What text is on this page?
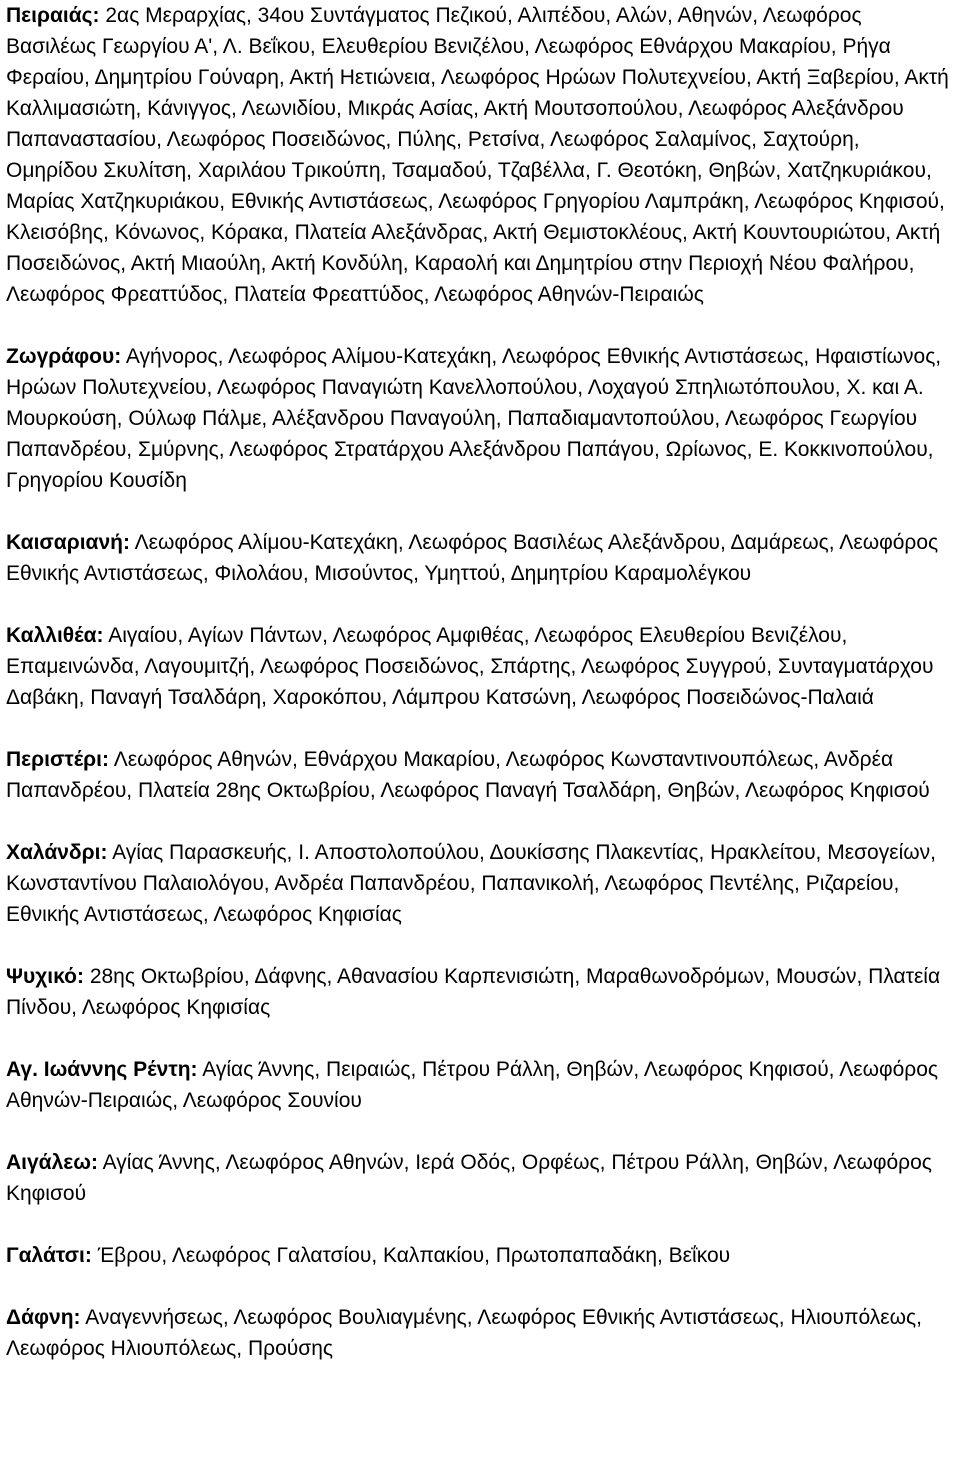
Πειραιάς: 2ας Μεραρχίας, 34ου Συντάγματος Πεζικού, Αλιπέδου, Αλών, Αθηνών, Λεωφόρος Βασιλέως Γεωργίου Α', Λ. Βεΐκου, Ελευθερίου Βενιζέλου, Λεωφόρος Εθνάρχου Μακαρίου, Ρήγα Φεραίου, Δημητρίου Γούναρη, Ακτή Ηετιώνεια, Λεωφόρος Ηρώων Πολυτεχνείου, Ακτή Ξαβερίου, Ακτή Καλλιμασιώτη, Κάνιγγος, Λεωνιδίου, Μικράς Ασίας, Ακτή Μουτσοπούλου, Λεωφόρος Αλεξάνδρου Παπαναστασίου, Λεωφόρος Ποσειδώνος, Πύλης, Ρετσίνα, Λεωφόρος Σαλαμίνος, Σαχτούρη, Ομηρίδου Σκυλίτση, Χαριλάου Τρικούπη, Τσαμαδού, Τζαβέλλα, Γ. Θεοτόκη, Θηβών, Χατζηκυριάκου, Μαρίας Χατζηκυριάκου, Εθνικής Αντιστάσεως, Λεωφόρος Γρηγορίου Λαμπράκη, Λεωφόρος Κηφισού, Κλεισόβης, Κόνωνος, Κόρακα, Πλατεία Αλεξάνδρας, Ακτή Θεμιστοκλέους, Ακτή Κουντουριώτου, Ακτή Ποσειδώνος, Ακτή Μιαούλη, Ακτή Κονδύλη, Καραολή και Δημητρίου στην Περιοχή Νέου Φαλήρου, Λεωφόρος Φρεαττύδος, Πλατεία Φρεαττύδος, Λεωφόρος Αθηνών-Πειραιώς

Ζωγράφου: Αγήνορος, Λεωφόρος Αλίμου-Κατεχάκη, Λεωφόρος Εθνικής Αντιστάσεως, Ηφαιστίωνος, Ηρώων Πολυτεχνείου, Λεωφόρος Παναγιώτη Κανελλοπούλου, Λοχαγού Σπηλιωτόπουλου, Χ. και Α. Μουρκούση, Ούλωφ Πάλμε, Αλέξανδρου Παναγούλη, Παπαδιαμαντοπούλου, Λεωφόρος Γεωργίου Παπανδρέου, Σμύρνης, Λεωφόρος Στρατάρχου Αλεξάνδρου Παπάγου, Ωρίωνος, Ε. Κοκκινοπούλου, Γρηγορίου Κουσίδη

Καισαριανή: Λεωφόρος Αλίμου-Κατεχάκη, Λεωφόρος Βασιλέως Αλεξάνδρου, Δαμάρεως, Λεωφόρος Εθνικής Αντιστάσεως, Φιλολάου, Μισούντος, Υμηττού, Δημητρίου Καραμολέγκου

Καλλιθέα: Αιγαίου, Αγίων Πάντων, Λεωφόρος Αμφιθέας, Λεωφόρος Ελευθερίου Βενιζέλου, Επαμεινώνδα, Λαγουμιτζή, Λεωφόρος Ποσειδώνος, Σπάρτης, Λεωφόρος Συγγρού, Συνταγματάρχου Δαβάκη, Παναγή Τσαλδάρη, Χαροκόπου, Λάμπρου Κατσώνη, Λεωφόρος Ποσειδώνος-Παλαιά

Περιστέρι: Λεωφόρος Αθηνών, Εθνάρχου Μακαρίου, Λεωφόρος Κωνσταντινουπόλεως, Ανδρέα Παπανδρέου, Πλατεία 28ης Οκτωβρίου, Λεωφόρος Παναγή Τσαλδάρη, Θηβών, Λεωφόρος Κηφισού

Χαλάνδρι: Αγίας Παρασκευής, Ι. Αποστολοπούλου, Δουκίσσης Πλακεντίας, Ηρακλείτου, Μεσογείων, Κωνσταντίνου Παλαιολόγου, Ανδρέα Παπανδρέου, Παπανικολή, Λεωφόρος Πεντέλης, Ριζαρείου, Εθνικής Αντιστάσεως, Λεωφόρος Κηφισίας

Ψυχικό: 28ης Οκτωβρίου, Δάφνης, Αθανασίου Καρπενισιώτη, Μαραθωνοδρόμων, Μουσών, Πλατεία Πίνδου, Λεωφόρος Κηφισίας

Αγ. Ιωάννης Ρέντη: Αγίας Άννης, Πειραιώς, Πέτρου Ράλλη, Θηβών, Λεωφόρος Κηφισού, Λεωφόρος Αθηνών-Πειραιώς, Λεωφόρος Σουνίου

Αιγάλεω: Αγίας Άννης, Λεωφόρος Αθηνών, Ιερά Οδός, Ορφέως, Πέτρου Ράλλη, Θηβών, Λεωφόρος Κηφισού

Γαλάτσι: Έβρου, Λεωφόρος Γαλατσίου, Καλπακίου, Πρωτοπαπαδάκη, Βεΐκου

Δάφνη: Αναγεννήσεως, Λεωφόρος Βουλιαγμένης, Λεωφόρος Εθνικής Αντιστάσεως, Ηλιουπόλεως, Λεωφόρος Ηλιουπόλεως, Προύσης
